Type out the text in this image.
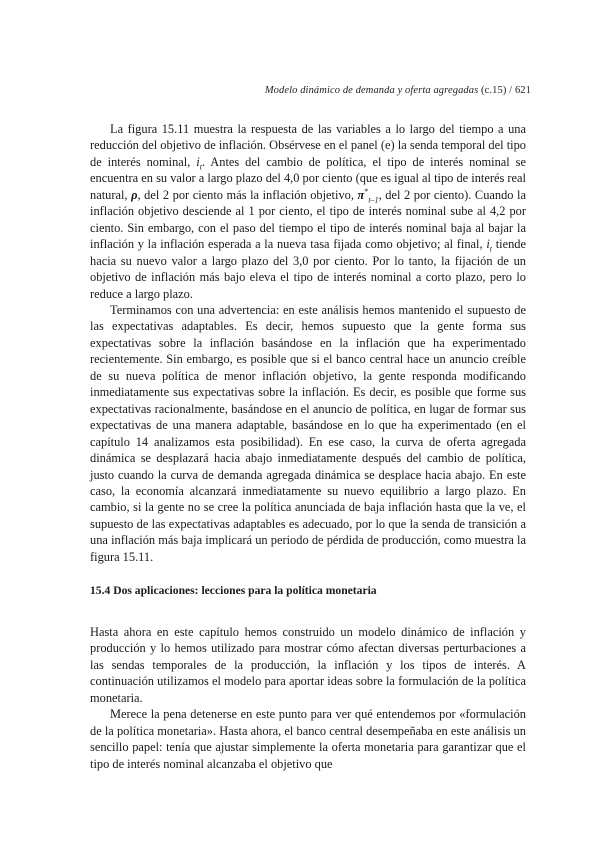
Modelo dinámico de demanda y oferta agregadas (c.15) / 621

La figura 15.11 muestra la respuesta de las variables a lo largo del tiempo a una reducción del objetivo de inflación. Obsérvese en el panel (e) la senda temporal del tipo de interés nominal, $i_t$. Antes del cambio de política, el tipo de interés nominal se encuentra en su valor a largo plazo del 4,0 por ciento (que es igual al tipo de interés real natural, ρ, del 2 por ciento más la inflación objetivo, $\pi^*_{t-1}$, del 2 por ciento). Cuando la inflación objetivo desciende al 1 por ciento, el tipo de interés nominal sube al 4,2 por ciento. Sin embargo, con el paso del tiempo el tipo de interés nominal baja al bajar la inflación y la inflación esperada a la nueva tasa fijada como objetivo; al final, $i_t$ tiende hacia su nuevo valor a largo plazo del 3,0 por ciento. Por lo tanto, la fijación de un objetivo de inflación más bajo eleva el tipo de interés nominal a corto plazo, pero lo reduce a largo plazo.

Terminamos con una advertencia: en este análisis hemos mantenido el supuesto de las expectativas adaptables. Es decir, hemos supuesto que la gente forma sus expectativas sobre la inflación basándose en la inflación que ha experimentado recientemente. Sin embargo, es posible que si el banco central hace un anuncio creíble de su nueva política de menor inflación objetivo, la gente responda modificando inmediatamente sus expectativas sobre la inflación. Es decir, es posible que forme sus expectativas racionalmente, basándose en el anuncio de política, en lugar de formar sus expectativas de una manera adaptable, basándose en lo que ha experimentado (en el capítulo 14 analizamos esta posibilidad). En ese caso, la curva de oferta agregada dinámica se desplazará hacia abajo inmediatamente después del cambio de política, justo cuando la curva de demanda agregada dinámica se desplace hacia abajo. En este caso, la economía alcanzará inmediatamente su nuevo equilibrio a largo plazo. En cambio, si la gente no se cree la política anunciada de baja inflación hasta que la ve, el supuesto de las expectativas adaptables es adecuado, por lo que la senda de transición a una inflación más baja implicará un periodo de pérdida de producción, como muestra la figura 15.11.

15.4 Dos aplicaciones: lecciones para la política monetaria

Hasta ahora en este capítulo hemos construido un modelo dinámico de inflación y producción y lo hemos utilizado para mostrar cómo afectan diversas perturbaciones a las sendas temporales de la producción, la inflación y los tipos de interés. A continuación utilizamos el modelo para aportar ideas sobre la formulación de la política monetaria.

Merece la pena detenerse en este punto para ver qué entendemos por «formulación de la política monetaria». Hasta ahora, el banco central desempeñaba en este análisis un sencillo papel: tenía que ajustar simplemente la oferta monetaria para garantizar que el tipo de interés nominal alcanzaba el objetivo que
